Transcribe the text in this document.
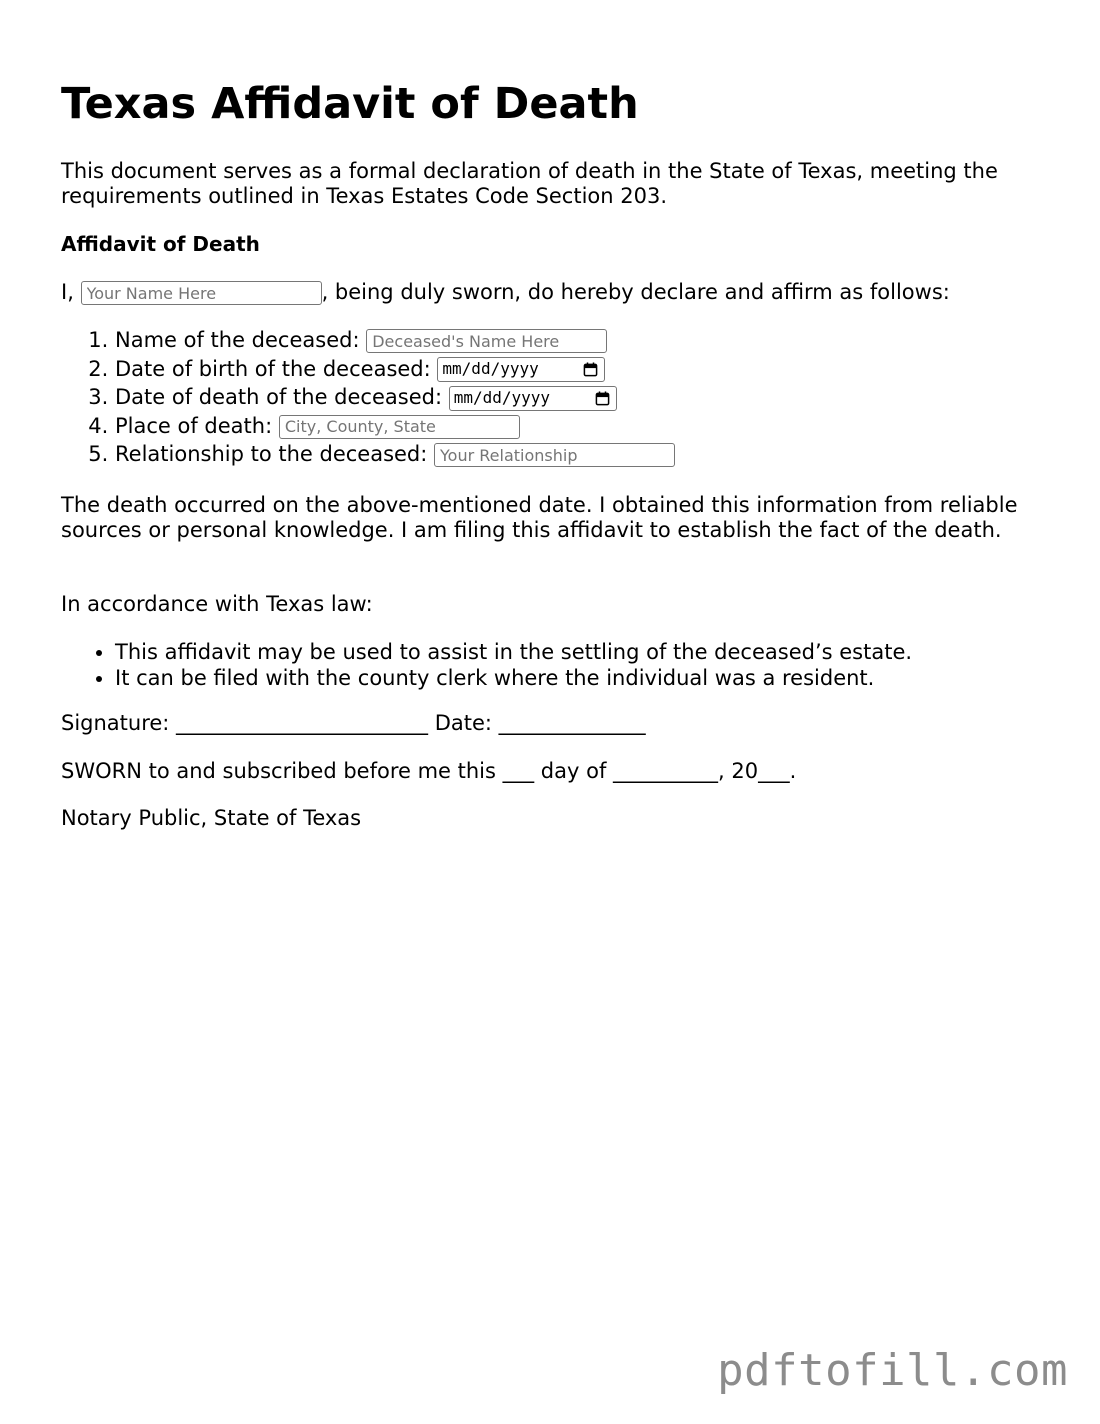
Texas Affidavit of Death

This document serves as a formal declaration of death in the State of Texas, meeting the requirements outlined in Texas Estates Code Section 203.

Affidavit of Death

I, Your Name Here	, being duly sworn, do hereby declare and affirm as follows:

1. Name of the deceased: Deceased's Name Here
2. Date of birth of the deceased: mm/dd/yyyy
3. Date of death of the deceased: mm/dd/yyyy
4. Place of death: City, County, State
5. Relationship to the deceased: Your Relationship

The death occurred on the above-mentioned date. I obtained this information from reliable sources or personal knowledge. I am filing this affidavit to establish the fact of the death.

In accordance with Texas law:

• This affidavit may be used to assist in the settling of the deceased’s estate.
• It can be filed with the county clerk where the individual was a resident.

Signature: ________________________ Date: ______________

SWORN to and subscribed before me this ___ day of __________, 20___.

Notary Public, State of Texas

pdftofill.com
